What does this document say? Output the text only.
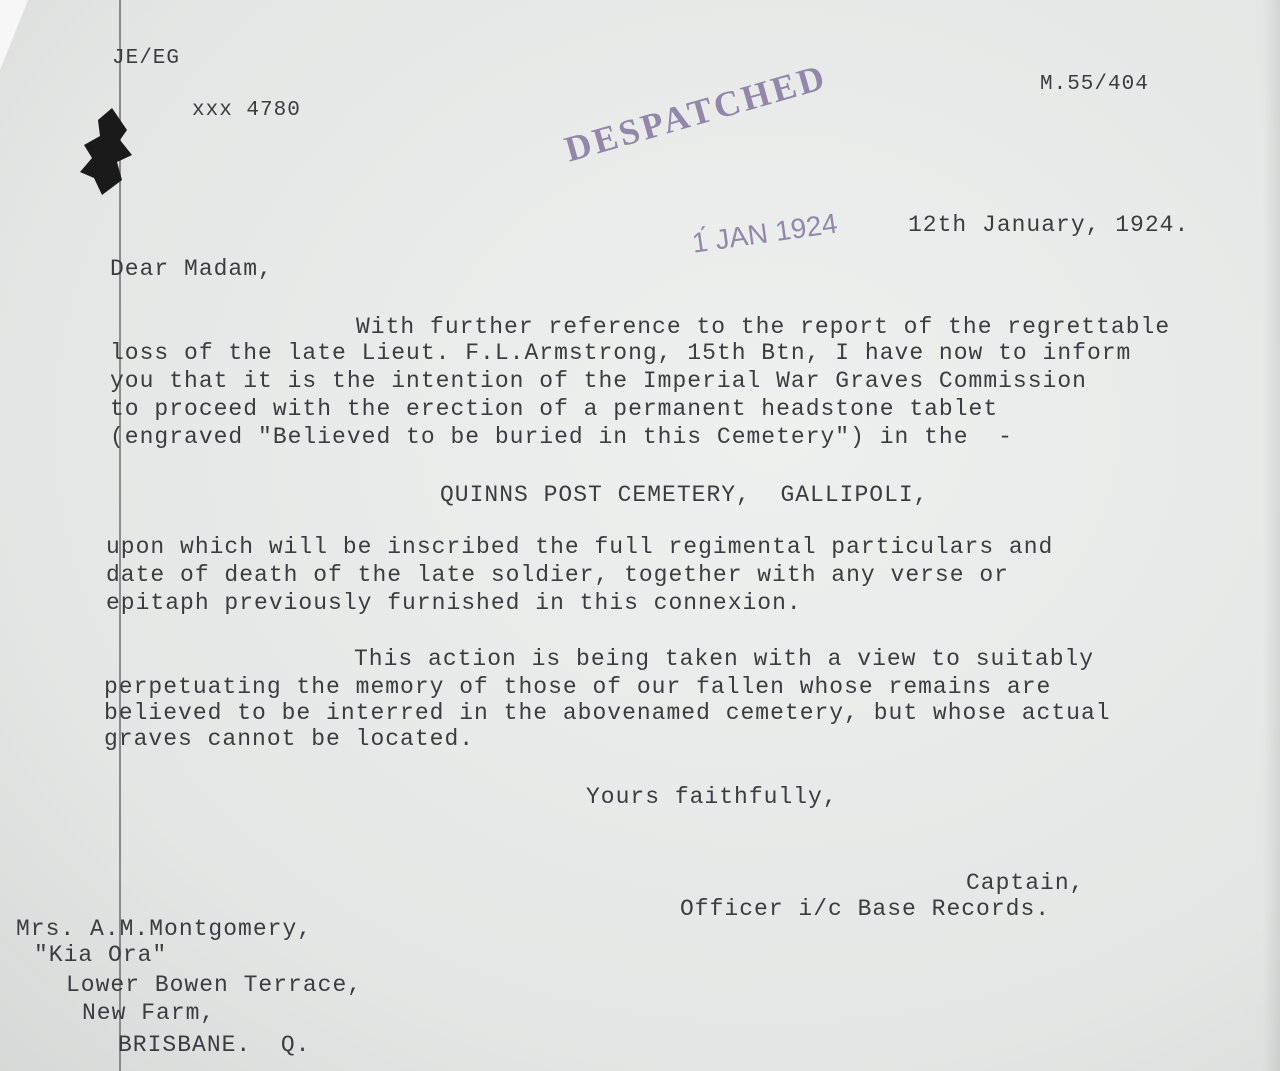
JE/EG
xxx 4780
M.55/404
DESPATCHED
1́ JAN 1924	12th January, 1924.
Dear Madam,
With further reference to the report of the regrettable
loss of the late Lieut. F.L.Armstrong, 15th Btn, I have now to inform
you that it is the intention of the Imperial War Graves Commission
to proceed with the erection of a permanent headstone tablet
(engraved "Believed to be buried in this Cemetery") in the  -
QUINNS POST CEMETERY,  GALLIPOLI,
upon which will be inscribed the full regimental particulars and
date of death of the late soldier, together with any verse or
epitaph previously furnished in this connexion.
This action is being taken with a view to suitably
perpetuating the memory of those of our fallen whose remains are
believed to be interred in the abovenamed cemetery, but whose actual
graves cannot be located.
Yours faithfully,
Captain,
Officer i/c Base Records.
Mrs. A.M.Montgomery,
"Kia Ora"
Lower Bowen Terrace,
New Farm,
BRISBANE.  Q.
